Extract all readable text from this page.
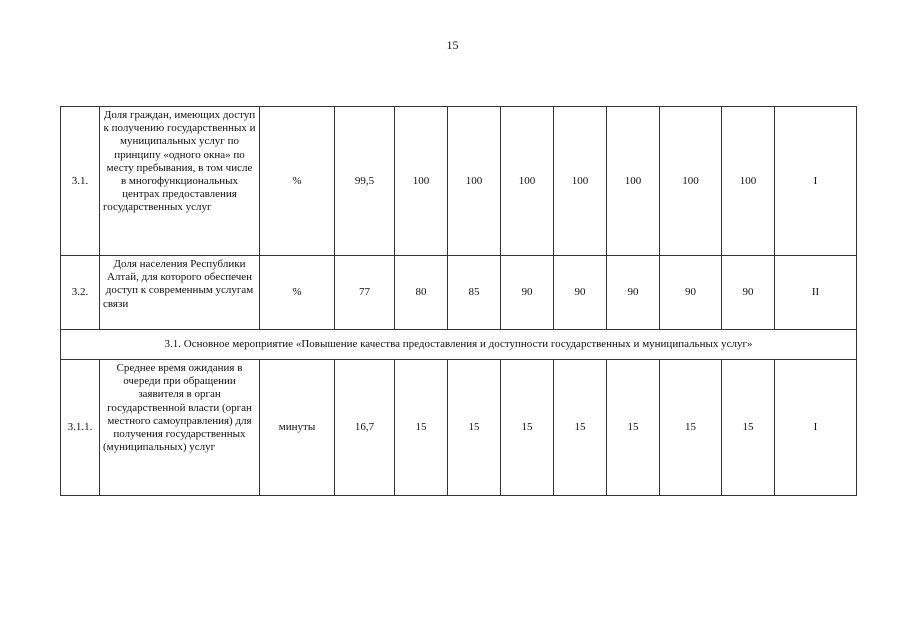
15
3.1.	Доля граждан, имеющих доступ к получению государственных и муниципальных услуг по принципу «одного окна» по месту пребывания, в том числе в многофункциональных центрах предоставления государственных услуг	%	99,5	100	100	100	100	100	100	100	I
3.2.	Доля населения Республики Алтай, для которого обеспечен доступ к современным услугам связи	%	77	80	85	90	90	90	90	90	II
3.1. Основное мероприятие «Повышение качества предоставления и доступности государственных и муниципальных услуг»											
3.1.1.	Среднее время ожидания в очереди при обращении заявителя в орган государственной власти (орган местного самоуправления) для получения государственных (муниципальных) услуг	минуты	16,7	15	15	15	15	15	15	15	I
